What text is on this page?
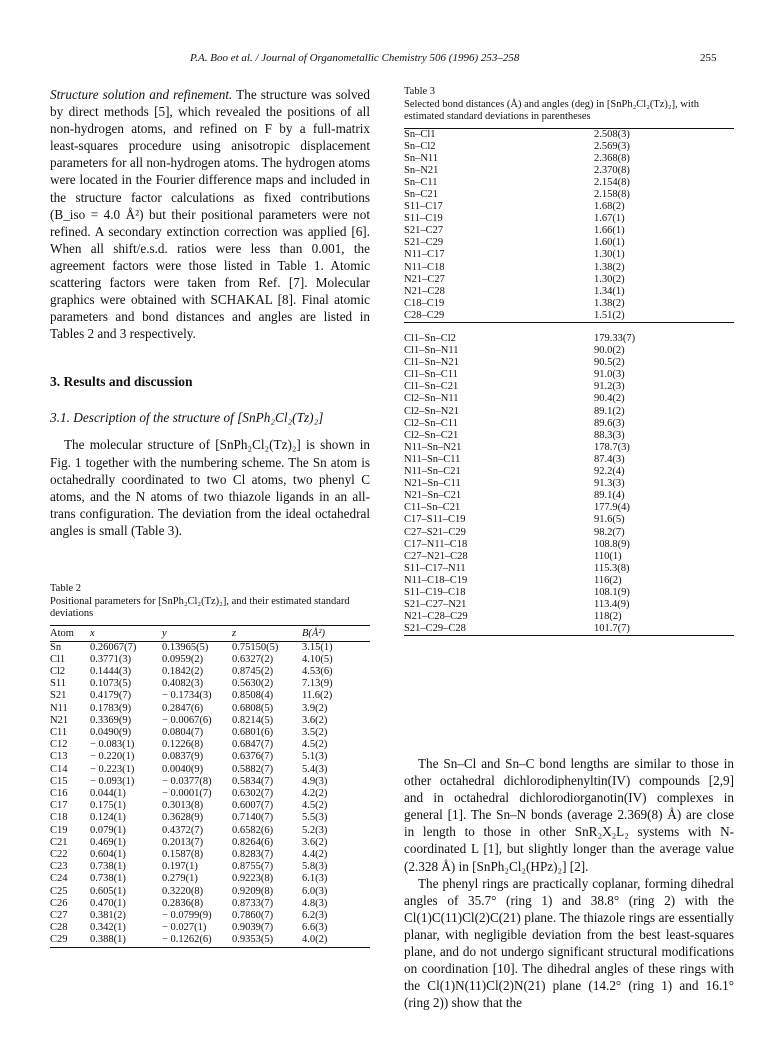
P.A. Boo et al. / Journal of Organometallic Chemistry 506 (1996) 253–258	255

Structure solution and refinement. The structure was solved by direct methods [5], which revealed the positions of all non-hydrogen atoms, and refined on F by a full-matrix least-squares procedure using anisotropic displacement parameters for all non-hydrogen atoms. The hydrogen atoms were located in the Fourier difference maps and included in the structure factor calculations as fixed contributions (B_iso = 4.0 Å²) but their positional parameters were not refined. A secondary extinction correction was applied [6]. When all shift/e.s.d. ratios were less than 0.001, the agreement factors were those listed in Table 1. Atomic scattering factors were taken from Ref. [7]. Molecular graphics were obtained with SCHAKAL [8]. Final atomic parameters and bond distances and angles are listed in Tables 2 and 3 respectively.

3. Results and discussion
3.1. Description of the structure of [SnPh₂Cl₂(Tz)₂]

The molecular structure of [SnPh₂Cl₂(Tz)₂] is shown in Fig. 1 together with the numbering scheme. The Sn atom is octahedrally coordinated to two Cl atoms, two phenyl C atoms, and the N atoms of two thiazole ligands in an all-trans configuration. The deviation from the ideal octahedral angles is small (Table 3).

Table 2

Positional parameters for [SnPh₂Cl₂(Tz)₂], and their estimated standard deviations

Atom	x	y	z	B(Å²)
Sn	0.26067(7)	0.13965(5)	0.75150(5)	3.15(1)
Cl1	0.3771(3)	0.0959(2)	0.6327(2)	4.10(5)
Cl2	0.1444(3)	0.1842(2)	0.8745(2)	4.53(6)
S11	0.1073(5)	0.4082(3)	0.5630(2)	7.13(9)
S21	0.4179(7)	− 0.1734(3)	0.8508(4)	11.6(2)
N11	0.1783(9)	0.2847(6)	0.6808(5)	3.9(2)
N21	0.3369(9)	− 0.0067(6)	0.8214(5)	3.6(2)
C11	0.0490(9)	0.0804(7)	0.6801(6)	3.5(2)
C12	− 0.083(1)	0.1226(8)	0.6847(7)	4.5(2)
C13	− 0.220(1)	0.0837(9)	0.6376(7)	5.1(3)
C14	− 0.223(1)	0.0040(9)	0.5882(7)	5.4(3)
C15	− 0.093(1)	− 0.0377(8)	0.5834(7)	4.9(3)
C16	0.044(1)	− 0.0001(7)	0.6302(7)	4.2(2)
C17	0.175(1)	0.3013(8)	0.6007(7)	4.5(2)
C18	0.124(1)	0.3628(9)	0.7140(7)	5.5(3)
C19	0.079(1)	0.4372(7)	0.6582(6)	5.2(3)
C21	0.469(1)	0.2013(7)	0.8264(6)	3.6(2)
C22	0.604(1)	0.1587(8)	0.8283(7)	4.4(2)
C23	0.738(1)	0.197(1)	0.8755(7)	5.8(3)
C24	0.738(1)	0.279(1)	0.9223(8)	6.1(3)
C25	0.605(1)	0.3220(8)	0.9209(8)	6.0(3)
C26	0.470(1)	0.2836(8)	0.8733(7)	4.8(3)
C27	0.381(2)	− 0.0799(9)	0.7860(7)	6.2(3)
C28	0.342(1)	− 0.027(1)	0.9039(7)	6.6(3)
C29	0.388(1)	− 0.1262(6)	0.9353(5)	4.0(2)

Table 3

Selected bond distances (Å) and angles (deg) in [SnPh₂Cl₂(Tz)₂], with estimated standard deviations in parentheses

Sn–Cl1	2.508(3)
Sn–Cl2	2.569(3)
Sn–N11	2.368(8)
Sn–N21	2.370(8)
Sn–C11	2.154(8)
Sn–C21	2.158(8)
S11–C17	1.68(2)
S11–C19	1.67(1)
S21–C27	1.66(1)
S21–C29	1.60(1)
N11–C17	1.30(1)
N11–C18	1.38(2)
N21–C27	1.30(2)
N21–C28	1.34(1)
C18–C19	1.38(2)
C28–C29	1.51(2)

Cl1–Sn–Cl2	179.33(7)
Cl1–Sn–N11	90.0(2)
Cl1–Sn–N21	90.5(2)
Cl1–Sn–C11	91.0(3)
Cl1–Sn–C21	91.2(3)
Cl2–Sn–N11	90.4(2)
Cl2–Sn–N21	89.1(2)
Cl2–Sn–C11	89.6(3)
Cl2–Sn–C21	88.3(3)
N11–Sn–N21	178.7(3)
N11–Sn–C11	87.4(3)
N11–Sn–C21	92.2(4)
N21–Sn–C11	91.3(3)
N21–Sn–C21	89.1(4)
C11–Sn–C21	177.9(4)
C17–S11–C19	91.6(5)
C27–S21–C29	98.2(7)
C17–N11–C18	108.8(9)
C27–N21–C28	110(1)
S11–C17–N11	115.3(8)
N11–C18–C19	116(2)
S11–C19–C18	108.1(9)
S21–C27–N21	113.4(9)
N21–C28–C29	118(2)
S21–C29–C28	101.7(7)

The Sn–Cl and Sn–C bond lengths are similar to those in other octahedral dichlorodiphenyltin(IV) compounds [2,9] and in octahedral dichlorodiorganotin(IV) complexes in general [1]. The Sn–N bonds (average 2.369(8) Å) are close in length to those in other SnR₂X₂L₂ systems with N-coordinated L [1], but slightly longer than the average value (2.328 Å) in [SnPh₂Cl₂(HPz)₂] [2].

The phenyl rings are practically coplanar, forming dihedral angles of 35.7° (ring 1) and 38.8° (ring 2) with the Cl(1)C(11)Cl(2)C(21) plane. The thiazole rings are essentially planar, with negligible deviation from the best least-squares plane, and do not undergo significant structural modifications on coordination [10]. The dihedral angles of these rings with the Cl(1)N(11)Cl(2)N(21) plane (14.2° (ring 1) and 16.1° (ring 2)) show that the
